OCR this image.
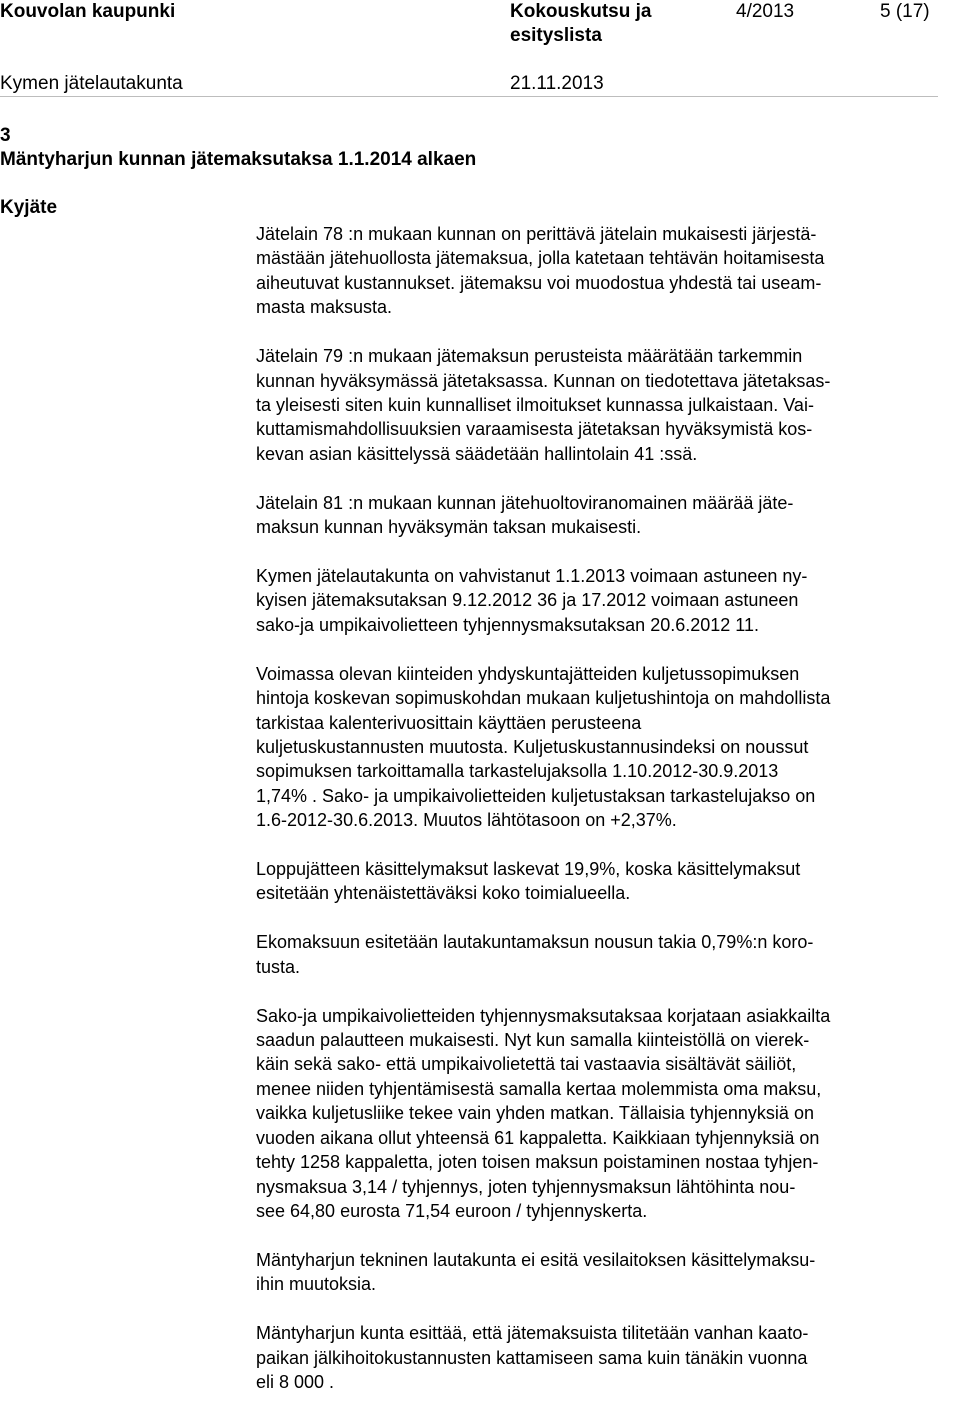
Kouvolan kaupunki	Kokouskutsu ja
esityslista
4/2013	5 (17)
Kymen jätelautakunta	21.11.2013
3
Mäntyharjun kunnan jätemaksutaksa 1.1.2014 alkaen
Kyjäte

Jätelain 78 :n mukaan kunnan on perittävä jätelain mukaisesti järjestä-
mästään jätehuollosta jätemaksua, jolla katetaan tehtävän hoitamisesta
aiheutuvat kustannukset. jätemaksu voi muodostua yhdestä tai useam-
masta maksusta.

Jätelain 79 :n mukaan jätemaksun perusteista määrätään tarkemmin
kunnan hyväksymässä jätetaksassa. Kunnan on tiedotettava jätetaksas-
ta yleisesti siten kuin kunnalliset ilmoitukset kunnassa julkaistaan. Vai-
kuttamismahdollisuuksien varaamisesta jätetaksan hyväksymistä kos-
kevan asian käsittelyssä säädetään hallintolain 41 :ssä.

Jätelain 81 :n mukaan kunnan jätehuoltoviranomainen määrää jäte-
maksun kunnan hyväksymän taksan mukaisesti.

Kymen jätelautakunta on vahvistanut 1.1.2013 voimaan astuneen ny-
kyisen jätemaksutaksan 9.12.2012 36 ja 17.2012 voimaan astuneen
sako-ja umpikaivolietteen tyhjennysmaksutaksan 20.6.2012 11.

Voimassa olevan kiinteiden yhdyskuntajätteiden kuljetussopimuksen
hintoja koskevan sopimuskohdan mukaan kuljetushintoja on mahdollista
tarkistaa kalenterivuosittain käyttäen perusteena
kuljetuskustannusten muutosta. Kuljetuskustannusindeksi on noussut
sopimuksen tarkoittamalla tarkastelujaksolla 1.10.2012-30.9.2013
1,74% . Sako- ja umpikaivolietteiden kuljetustaksan tarkastelujakso on
1.6-2012-30.6.2013. Muutos lähtötasoon on +2,37%.

Loppujätteen käsittelymaksut laskevat 19,9%, koska käsittelymaksut
esitetään yhtenäistettäväksi koko toimialueella.

Ekomaksuun esitetään lautakuntamaksun nousun takia 0,79%:n koro-
tusta.

Sako-ja umpikaivolietteiden tyhjennysmaksutaksaa korjataan asiakkailta
saadun palautteen mukaisesti. Nyt kun samalla kiinteistöllä on vierek-
käin sekä sako- että umpikaivolietettä tai vastaavia sisältävät säiliöt,
menee niiden tyhjentämisestä samalla kertaa molemmista oma maksu,
vaikka kuljetusliike tekee vain yhden matkan. Tällaisia tyhjennyksiä on
vuoden aikana ollut yhteensä 61 kappaletta. Kaikkiaan tyhjennyksiä on
tehty 1258 kappaletta, joten toisen maksun poistaminen nostaa tyhjen-
nysmaksua 3,14 / tyhjennys, joten tyhjennysmaksun lähtöhinta nou-
see 64,80 eurosta 71,54 euroon / tyhjennyskerta.

Mäntyharjun tekninen lautakunta ei esitä vesilaitoksen käsittelymaksu-
ihin muutoksia.

Mäntyharjun kunta esittää, että jätemaksuista tilitetään vanhan kaato-
paikan jälkihoitokustannusten kattamiseen sama kuin tänäkin vuonna
eli 8 000 .
